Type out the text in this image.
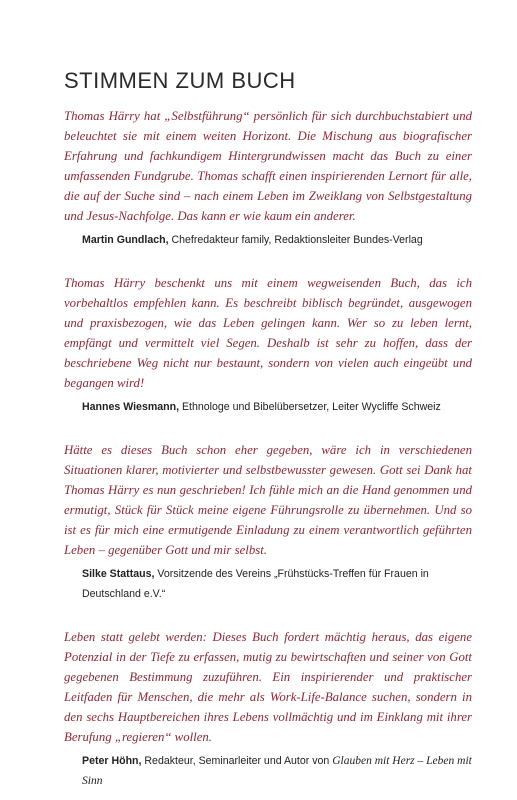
STIMMEN ZUM BUCH

Thomas Härry hat „Selbstführung“ persönlich für sich durchbuchstabiert und beleuchtet sie mit einem weiten Horizont. Die Mischung aus biografischer Erfahrung und fachkundigem Hintergrundwissen macht das Buch zu einer umfassenden Fundgrube. Thomas schafft einen inspirierenden Lernort für alle, die auf der Suche sind – nach einem Leben im Zweiklang von Selbstgestaltung und Jesus-Nachfolge. Das kann er wie kaum ein anderer.

Martin Gundlach, Chefredakteur family, Redaktionsleiter Bundes-Verlag

Thomas Härry beschenkt uns mit einem wegweisenden Buch, das ich vorbehaltlos empfehlen kann. Es beschreibt biblisch begründet, ausgewogen und praxisbezogen, wie das Leben gelingen kann. Wer so zu leben lernt, empfängt und vermittelt viel Segen. Deshalb ist sehr zu hoffen, dass der beschriebene Weg nicht nur bestaunt, sondern von vielen auch eingeübt und begangen wird!

Hannes Wiesmann, Ethnologe und Bibelübersetzer, Leiter Wycliffe Schweiz

Hätte es dieses Buch schon eher gegeben, wäre ich in verschiedenen Situationen klarer, motivierter und selbstbewusster gewesen. Gott sei Dank hat Thomas Härry es nun geschrieben! Ich fühle mich an die Hand genommen und ermutigt, Stück für Stück meine eigene Führungsrolle zu übernehmen. Und so ist es für mich eine ermutigende Einladung zu einem verantwortlich geführten Leben – gegenüber Gott und mir selbst.

Silke Stattaus, Vorsitzende des Vereins „Frühstücks-Treffen für Frauen in Deutschland e.V.“

Leben statt gelebt werden: Dieses Buch fordert mächtig heraus, das eigene Potenzial in der Tiefe zu erfassen, mutig zu bewirtschaften und seiner von Gott gegebenen Bestimmung zuzuführen. Ein inspirierender und praktischer Leitfaden für Menschen, die mehr als Work-Life-Balance suchen, sondern in den sechs Hauptbereichen ihres Lebens vollmächtig und im Einklang mit ihrer Berufung „regieren“ wollen.

Peter Höhn, Redakteur, Seminarleiter und Autor von Glauben mit Herz – Leben mit Sinn
